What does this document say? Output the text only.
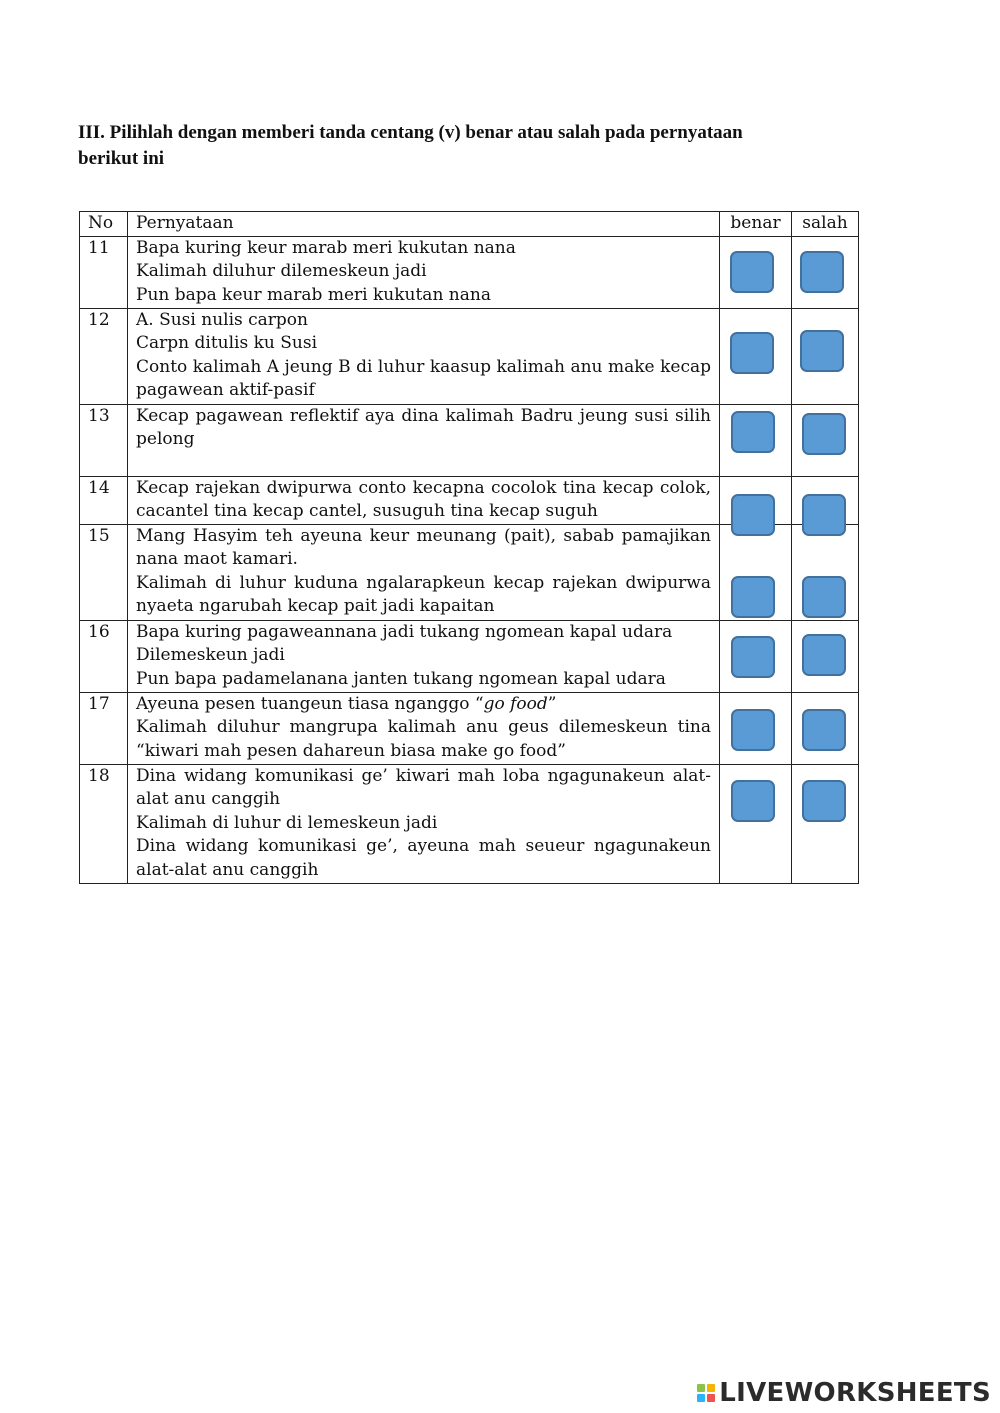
III. Pilihlah dengan memberi tanda centang (v) benar atau salah pada pernyataan
berikut ini

No	Pernyataan	benar	salah
11	Bapa kuring keur marab meri kukutan nana
Kalimah diluhur dilemeskeun jadi
Pun bapa keur marab meri kukutan nana		

12	A. Susi nulis carpon
Carpn ditulis ku Susi
Conto kalimah A jeung B di luhur kaasup kalimah anu make kecap pagawean aktif-pasif		

13	Kecap pagawean reflektif aya dina kalimah Badru jeung susi silih pelong		

14	Kecap rajekan dwipurwa conto kecapna cocolok tina kecap colok, cacantel tina kecap cantel, susuguh tina kecap suguh		

15	Mang Hasyim teh ayeuna keur meunang (pait), sabab pamajikan nana maot kamari.
Kalimah di luhur kuduna ngalarapkeun kecap rajekan dwipurwa nyaeta ngarubah kecap pait jadi kapaitan		

16	Bapa kuring pagaweannana jadi tukang ngomean kapal udara
Dilemeskeun jadi
Pun bapa padamelanana janten tukang ngomean kapal udara		

17	Ayeuna pesen tuangeun tiasa nganggo “go food”
Kalimah diluhur mangrupa kalimah anu geus dilemeskeun tina “kiwari mah pesen dahareun biasa make go food”		

18	Dina widang komunikasi ge’ kiwari mah loba ngagunakeun alat-alat anu canggih
Kalimah di luhur di lemeskeun jadi
Dina widang komunikasi ge’, ayeuna mah seueur ngagunakeun alat-alat anu canggih		

LIVEWORKSHEETS
